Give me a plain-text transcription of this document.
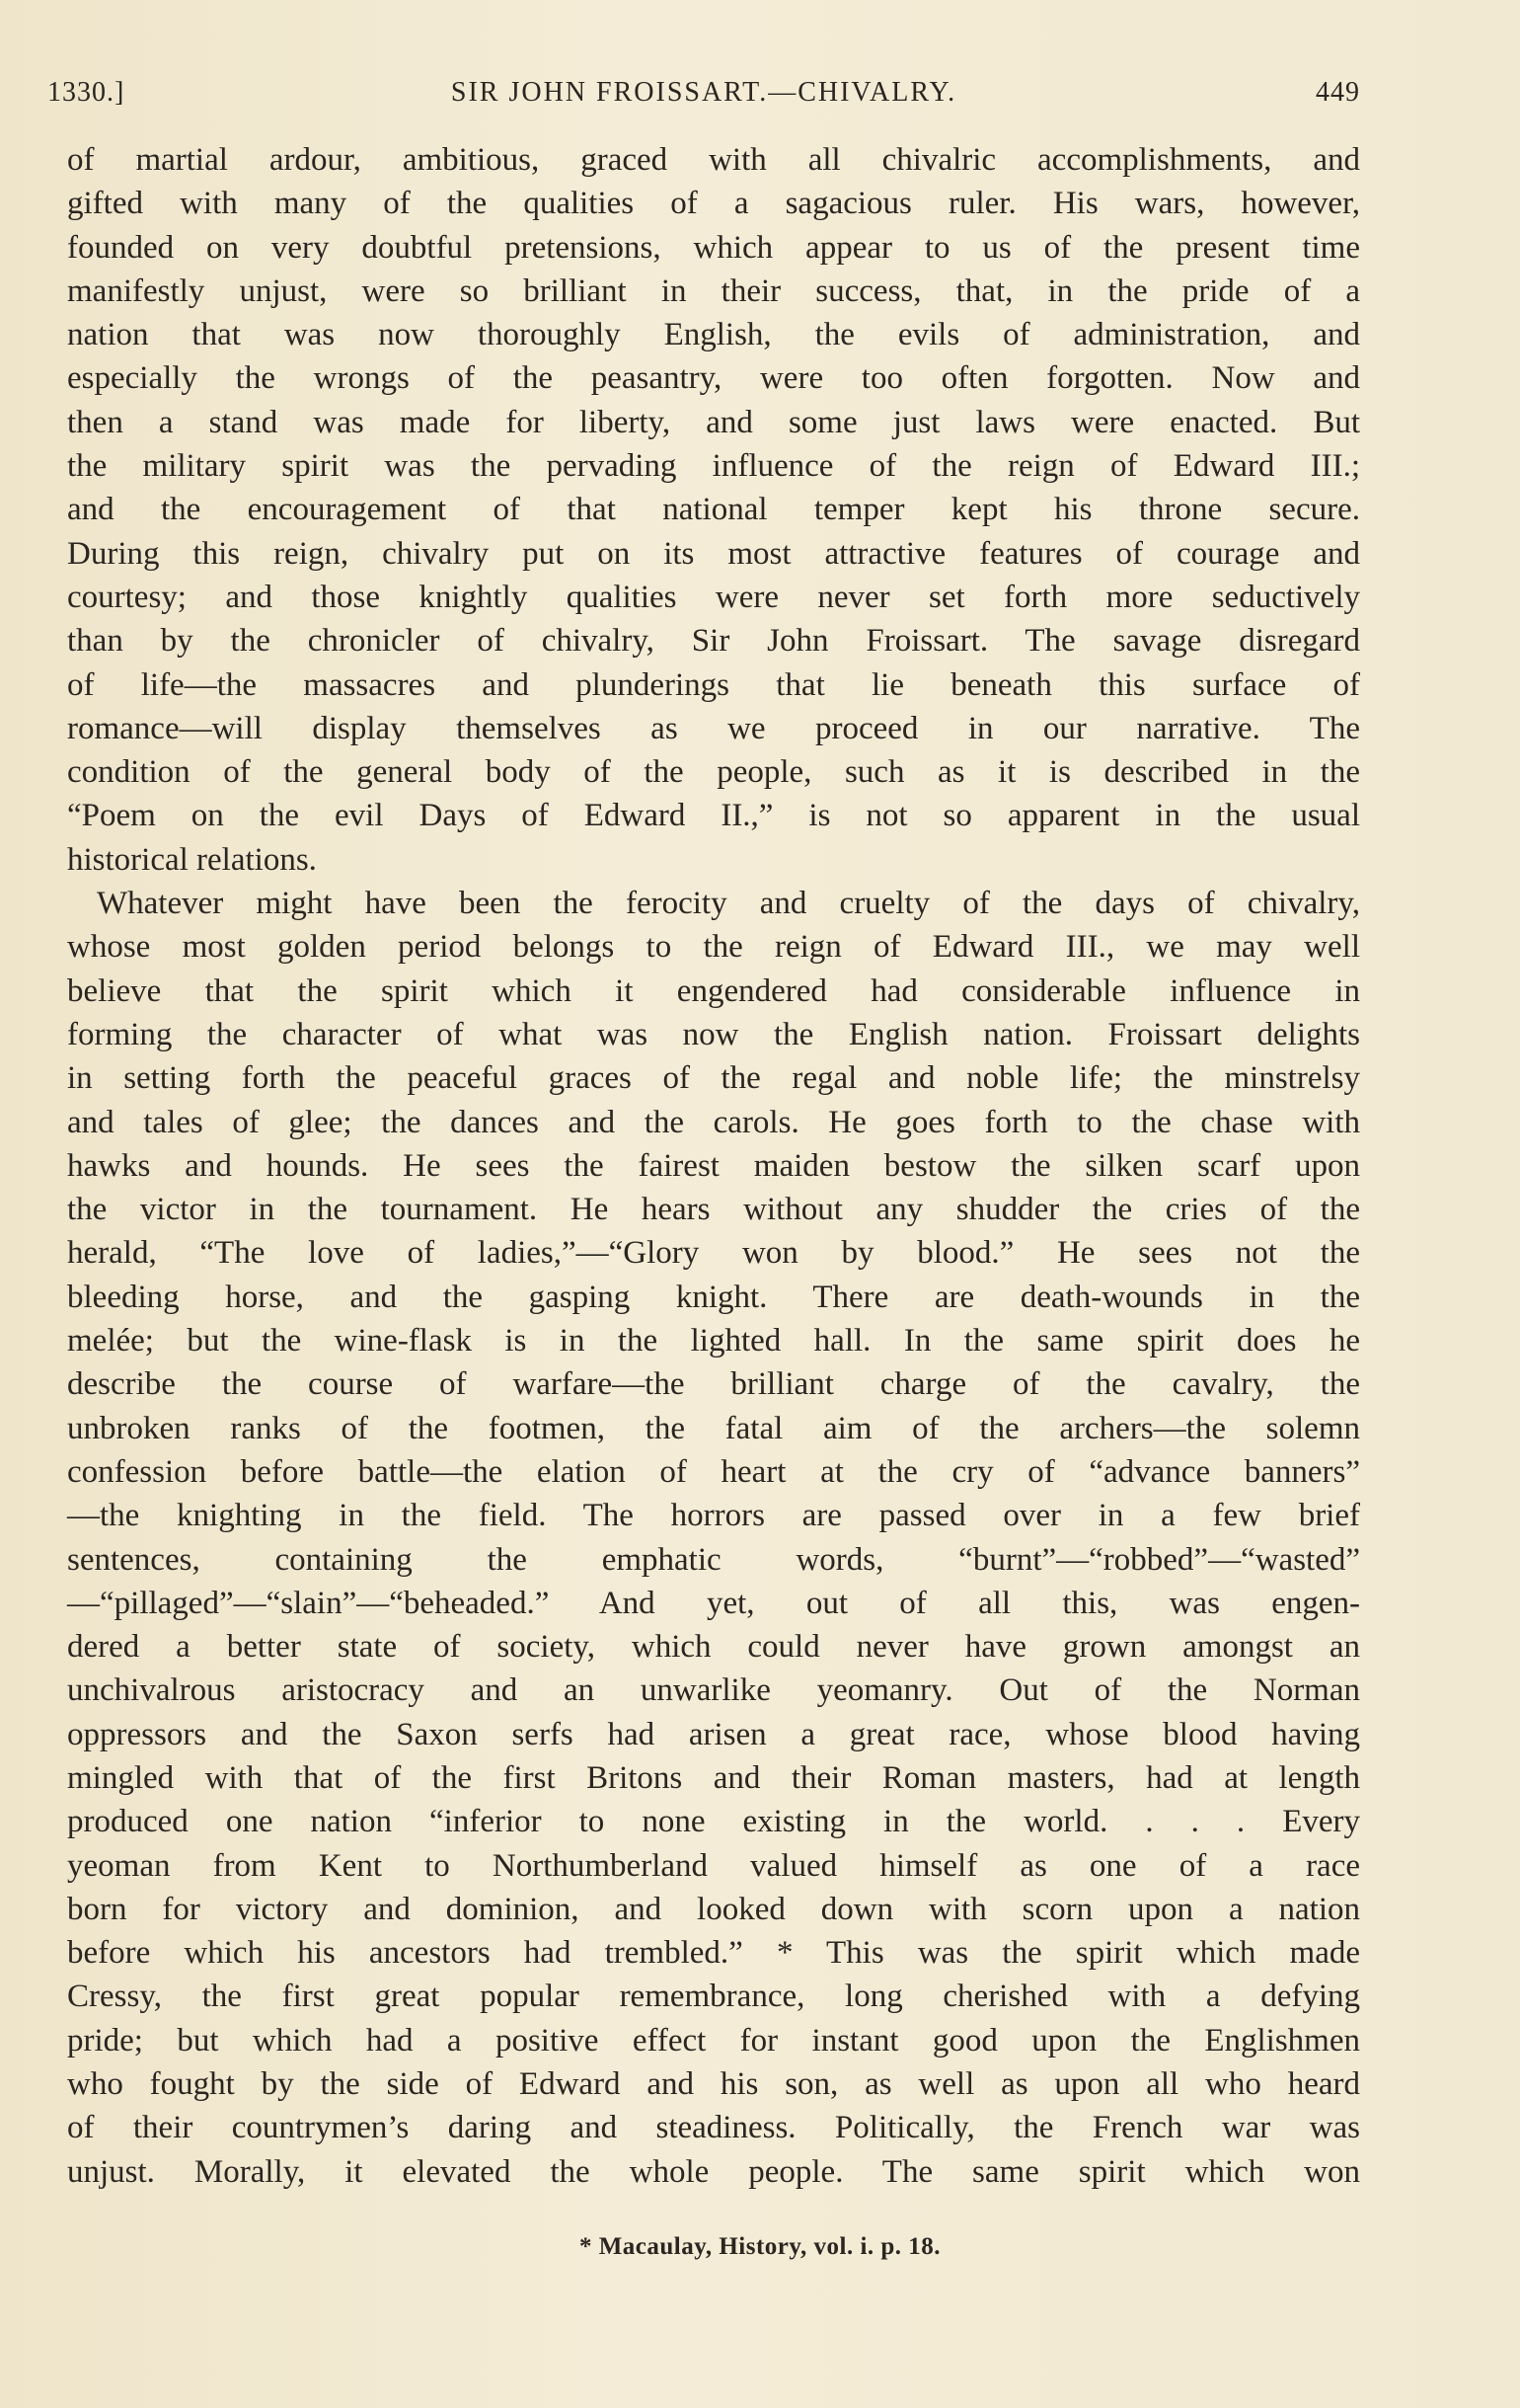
1330.]	SIR JOHN FROISSART.—CHIVALRY.	449
of martial ardour, ambitious, graced with all chivalric accomplishments, and
gifted with many of the qualities of a sagacious ruler. His wars, however,
founded on very doubtful pretensions, which appear to us of the present time
manifestly unjust, were so brilliant in their success, that, in the pride of a
nation that was now thoroughly English, the evils of administration, and
especially the wrongs of the peasantry, were too often forgotten. Now and
then a stand was made for liberty, and some just laws were enacted. But
the military spirit was the pervading influence of the reign of Edward III.;
and the encouragement of that national temper kept his throne secure.
During this reign, chivalry put on its most attractive features of courage and
courtesy; and those knightly qualities were never set forth more seductively
than by the chronicler of chivalry, Sir John Froissart. The savage disregard
of life—the massacres and plunderings that lie beneath this surface of
romance—will display themselves as we proceed in our narrative. The
condition of the general body of the people, such as it is described in the
“Poem on the evil Days of Edward II.,” is not so apparent in the usual
historical relations.
Whatever might have been the ferocity and cruelty of the days of chivalry,
whose most golden period belongs to the reign of Edward III., we may well
believe that the spirit which it engendered had considerable influence in
forming the character of what was now the English nation. Froissart delights
in setting forth the peaceful graces of the regal and noble life; the minstrelsy
and tales of glee; the dances and the carols. He goes forth to the chase with
hawks and hounds. He sees the fairest maiden bestow the silken scarf upon
the victor in the tournament. He hears without any shudder the cries of the
herald, “The love of ladies,”—“Glory won by blood.” He sees not the
bleeding horse, and the gasping knight. There are death-wounds in the
melée; but the wine-flask is in the lighted hall. In the same spirit does he
describe the course of warfare—the brilliant charge of the cavalry, the
unbroken ranks of the footmen, the fatal aim of the archers—the solemn
confession before battle—the elation of heart at the cry of “advance banners”
—the knighting in the field. The horrors are passed over in a few brief
sentences, containing the emphatic words, “burnt”—“robbed”—“wasted”
—“pillaged”—“slain”—“beheaded.” And yet, out of all this, was engen-
dered a better state of society, which could never have grown amongst an
unchivalrous aristocracy and an unwarlike yeomanry. Out of the Norman
oppressors and the Saxon serfs had arisen a great race, whose blood having
mingled with that of the first Britons and their Roman masters, had at length
produced one nation “inferior to none existing in the world. . . . Every
yeoman from Kent to Northumberland valued himself as one of a race
born for victory and dominion, and looked down with scorn upon a nation
before which his ancestors had trembled.” * This was the spirit which made
Cressy, the first great popular remembrance, long cherished with a defying
pride; but which had a positive effect for instant good upon the Englishmen
who fought by the side of Edward and his son, as well as upon all who heard
of their countrymen’s daring and steadiness. Politically, the French war was
unjust. Morally, it elevated the whole people. The same spirit which won
* Macaulay, History, vol. i. p. 18.
